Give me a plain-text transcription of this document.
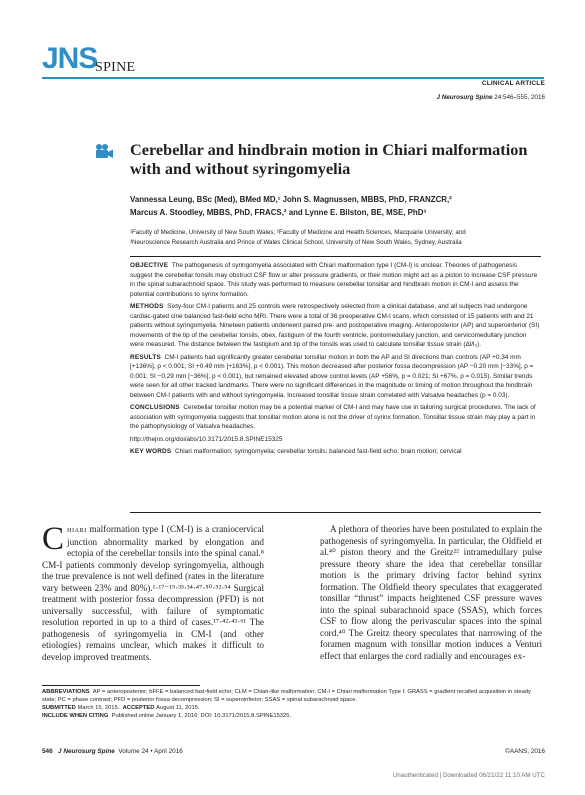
JNS
SPINE
CLINICAL ARTICLE
J Neurosurg Spine 24:546–555, 2016
Cerebellar and hindbrain motion in Chiari malformation with and without syringomyelia
Vannessa Leung, BSc (Med), BMed MD,¹ John S. Magnussen, MBBS, PhD, FRANZCR,²
Marcus A. Stoodley, MBBS, PhD, FRACS,² and Lynne E. Bilston, BE, MSE, PhD³
¹Faculty of Medicine, University of New South Wales; ²Faculty of Medicine and Health Sciences, Macquarie University; and
³Neuroscience Research Australia and Prince of Wales Clinical School, University of New South Wales, Sydney, Australia

OBJECTIVE The pathogenesis of syringomyelia associated with Chiari malformation type I (CM-I) is unclear. Theories of pathogenesis suggest the cerebellar tonsils may obstruct CSF flow or alter pressure gradients, or their motion might act as a piston to increase CSF pressure in the spinal subarachnoid space. This study was performed to measure cerebellar tonsillar and hindbrain motion in CM-I and assess the potential contributions to syrinx formation.

METHODS Sixty-four CM-I patients and 25 controls were retrospectively selected from a clinical database, and all subjects had undergone cardiac-gated cine balanced fast-field echo MRI. There were a total of 36 preoperative CM-I scans, which consisted of 15 patients with and 21 patients without syringomyelia. Nineteen patients underwent paired pre- and postoperative imaging. Anteroposterior (AP) and superoinferior (SI) movements of the tip of the cerebellar tonsils, obex, fastigium of the fourth ventricle, pontomedullary junction, and cervicomedullary junction were measured. The distance between the fastigium and tip of the tonsils was used to calculate tonsillar tissue strain (Δl/l₀).

RESULTS CM-I patients had significantly greater cerebellar tonsillar motion in both the AP and SI directions than controls (AP +0.34 mm [+136%], p < 0.001; SI +0.49 mm [+163%], p < 0.001). This motion decreased after posterior fossa decompression (AP −0.20 mm [−33%], p = 0.001; SI −0.29 mm [−36%]; p < 0.001), but remained elevated above control levels (AP +56%, p = 0.021; SI +67%, p = 0.015). Similar trends were seen for all other tracked landmarks. There were no significant differences in the magnitude or timing of motion throughout the hindbrain between CM-I patients with and without syringomyelia. Increased tonsillar tissue strain correlated with Valsalva headaches (p = 0.03).

CONCLUSIONS Cerebellar tonsillar motion may be a potential marker of CM-I and may have use in tailoring surgical procedures. The lack of association with syringomyelia suggests that tonsillar motion alone is not the driver of syrinx formation. Tonsillar tissue strain may play a part in the pathophysiology of Valsalva headaches.

http://thejns.org/doi/abs/10.3171/2015.8.SPINE15325

KEY WORDS Chiari malformation; syringomyelia; cerebellar tonsils; balanced fast-field echo; brain motion; cervical

CHIARI malformation type I (CM-I) is a craniocervical junction abnormality marked by elongation and ectopia of the cerebellar tonsils into the spinal canal.⁸ CM-I patients commonly develop syringomyelia, although the true prevalence is not well defined (rates in the literature vary between 23% and 80%).¹·¹⁷⁻¹⁹·³³·³⁴·⁴⁷·⁵⁰·⁵²·⁵⁴ Surgical treatment with posterior fossa decompression (PFD) is not universally successful, with failure of symptomatic resolution reported in up to a third of cases.¹⁷·⁴²·⁴³·⁶¹ The pathogenesis of syringomyelia in CM-I (and other etiologies) remains unclear, which makes it difficult to develop improved treatments.

A plethora of theories have been postulated to explain the pathogenesis of syringomyelia. In particular, the Oldfield et al.⁴⁰ piston theory and the Greitz²² intramedullary pulse pressure theory share the idea that cerebellar tonsillar motion is the primary driving factor behind syrinx formation. The Oldfield theory speculates that exaggerated tonsillar “thrust” impacts heightened CSF pressure waves into the spinal subarachnoid space (SSAS), which forces CSF to flow along the perivascular spaces into the spinal cord.⁴⁰ The Greitz theory speculates that narrowing of the foramen magnum with tonsillar motion induces a Venturi effect that enlarges the cord radially and encourages ex-

ABBREVIATIONS AP = anteroposterior; bFFE = balanced fast-field echo; CLM = Chiari-like malformation; CM-I = Chiari malformation Type I; GRASS = gradient recalled acquisition in steady state; PC = phase contrast; PFD = posterior fossa decompression; SI = superoinferior; SSAS = spinal subarachnoid space.
SUBMITTED March 15, 2015. ACCEPTED August 11, 2015.
INCLUDE WHEN CITING Published online January 1, 2016; DOI: 10.3171/2015.8.SPINE15325.
546 J Neurosurg Spine Volume 24 • April 2016	©AANS, 2016
Unauthenticated | Downloaded 06/21/22 11:10 AM UTC
